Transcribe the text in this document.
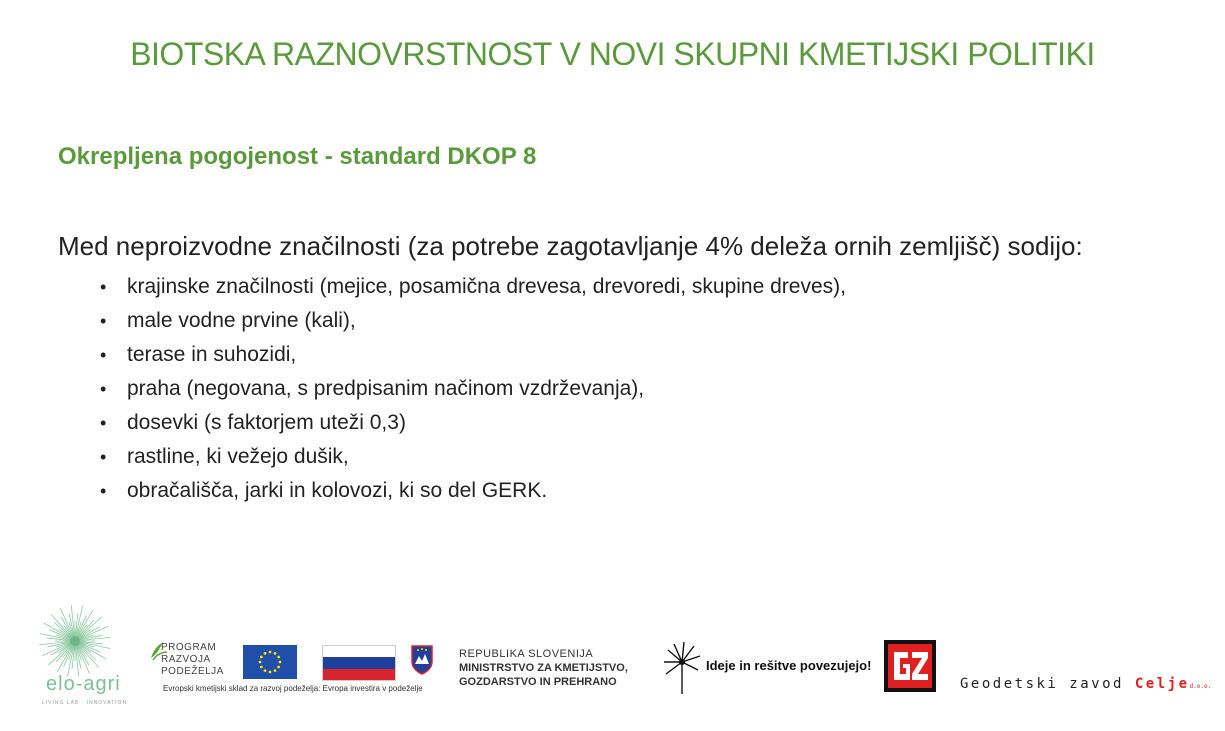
BIOTSKA RAZNOVRSTNOST V NOVI SKUPNI KMETIJSKI POLITIKI
Okrepljena pogojenost - standard DKOP 8
Med neproizvodne značilnosti (za potrebe zagotavljanje 4% deleža ornih zemljišč) sodijo:
• krajinske značilnosti (mejice, posamična drevesa, drevoredi, skupine dreves),
• male vodne prvine (kali),
• terase in suhozidi,
• praha (negovana, s predpisanim načinom vzdrževanja),
• dosevki (s faktorjem uteži 0,3)
• rastline, ki vežejo dušik,
• obračališča, jarki in kolovozi, ki so del GERK.
elo-agri
LIVING LAB · INNOVATION
PROGRAM
RAZVOJA
PODEŽELJA
Evropski kmetijski sklad za razvoj podeželja: Evropa investira v podeželje
REPUBLIKA SLOVENIJA
MINISTRSTVO ZA KMETIJSTVO,
GOZDARSTVO IN PREHRANO
Ideje in rešitve povezujejo!
Geodetski zavod Celjed.o.o.
